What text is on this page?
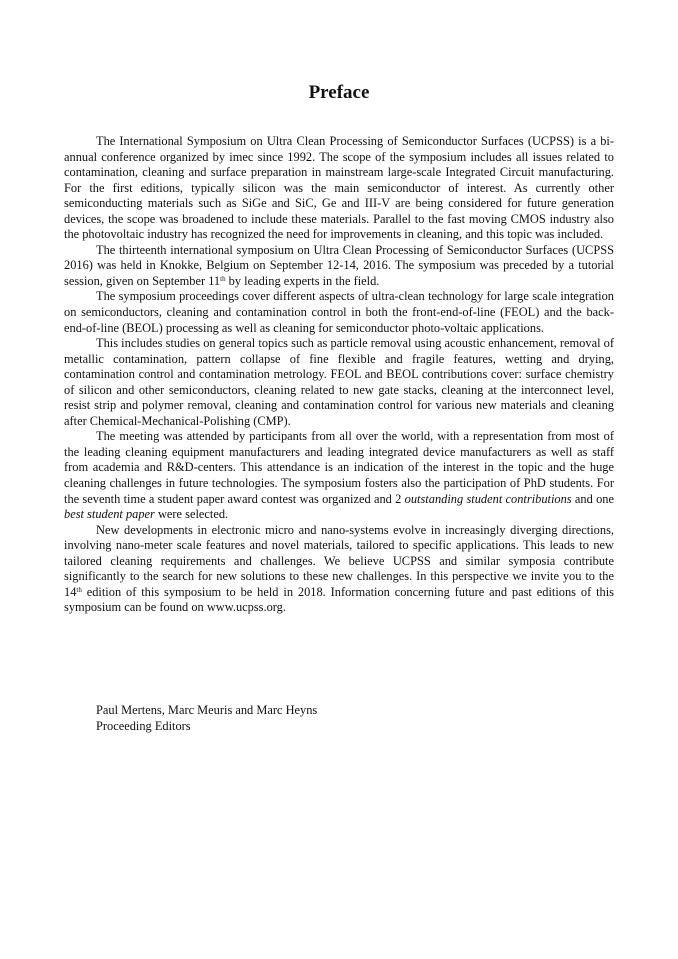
Preface

The International Symposium on Ultra Clean Processing of Semiconductor Surfaces (UCPSS) is a bi-annual conference organized by imec since 1992. The scope of the symposium includes all issues related to contamination, cleaning and surface preparation in mainstream large-scale Integrated Circuit manufacturing. For the first editions, typically silicon was the main semiconductor of interest. As currently other semiconducting materials such as SiGe and SiC, Ge and III-V are being considered for future generation devices, the scope was broadened to include these materials. Parallel to the fast moving CMOS industry also the photovoltaic industry has recognized the need for improvements in cleaning, and this topic was included.

The thirteenth international symposium on Ultra Clean Processing of Semiconductor Surfaces (UCPSS 2016) was held in Knokke, Belgium on September 12-14, 2016. The symposium was preceded by a tutorial session, given on September 11th by leading experts in the field.

The symposium proceedings cover different aspects of ultra-clean technology for large scale integration on semiconductors, cleaning and contamination control in both the front-end-of-line (FEOL) and the back-end-of-line (BEOL) processing as well as cleaning for semiconductor photo-voltaic applications.

This includes studies on general topics such as particle removal using acoustic enhancement, removal of metallic contamination, pattern collapse of fine flexible and fragile features, wetting and drying, contamination control and contamination metrology. FEOL and BEOL contributions cover: surface chemistry of silicon and other semiconductors, cleaning related to new gate stacks, cleaning at the interconnect level, resist strip and polymer removal, cleaning and contamination control for various new materials and cleaning after Chemical-Mechanical-Polishing (CMP).

The meeting was attended by participants from all over the world, with a representation from most of the leading cleaning equipment manufacturers and leading integrated device manufacturers as well as staff from academia and R&D-centers. This attendance is an indication of the interest in the topic and the huge cleaning challenges in future technologies. The symposium fosters also the participation of PhD students. For the seventh time a student paper award contest was organized and 2 outstanding student contributions and one best student paper were selected.

New developments in electronic micro and nano-systems evolve in increasingly diverging directions, involving nano-meter scale features and novel materials, tailored to specific applications. This leads to new tailored cleaning requirements and challenges. We believe UCPSS and similar symposia contribute significantly to the search for new solutions to these new challenges. In this perspective we invite you to the 14th edition of this symposium to be held in 2018. Information concerning future and past editions of this symposium can be found on www.ucpss.org.

Paul Mertens, Marc Meuris and Marc Heyns

Proceeding Editors
